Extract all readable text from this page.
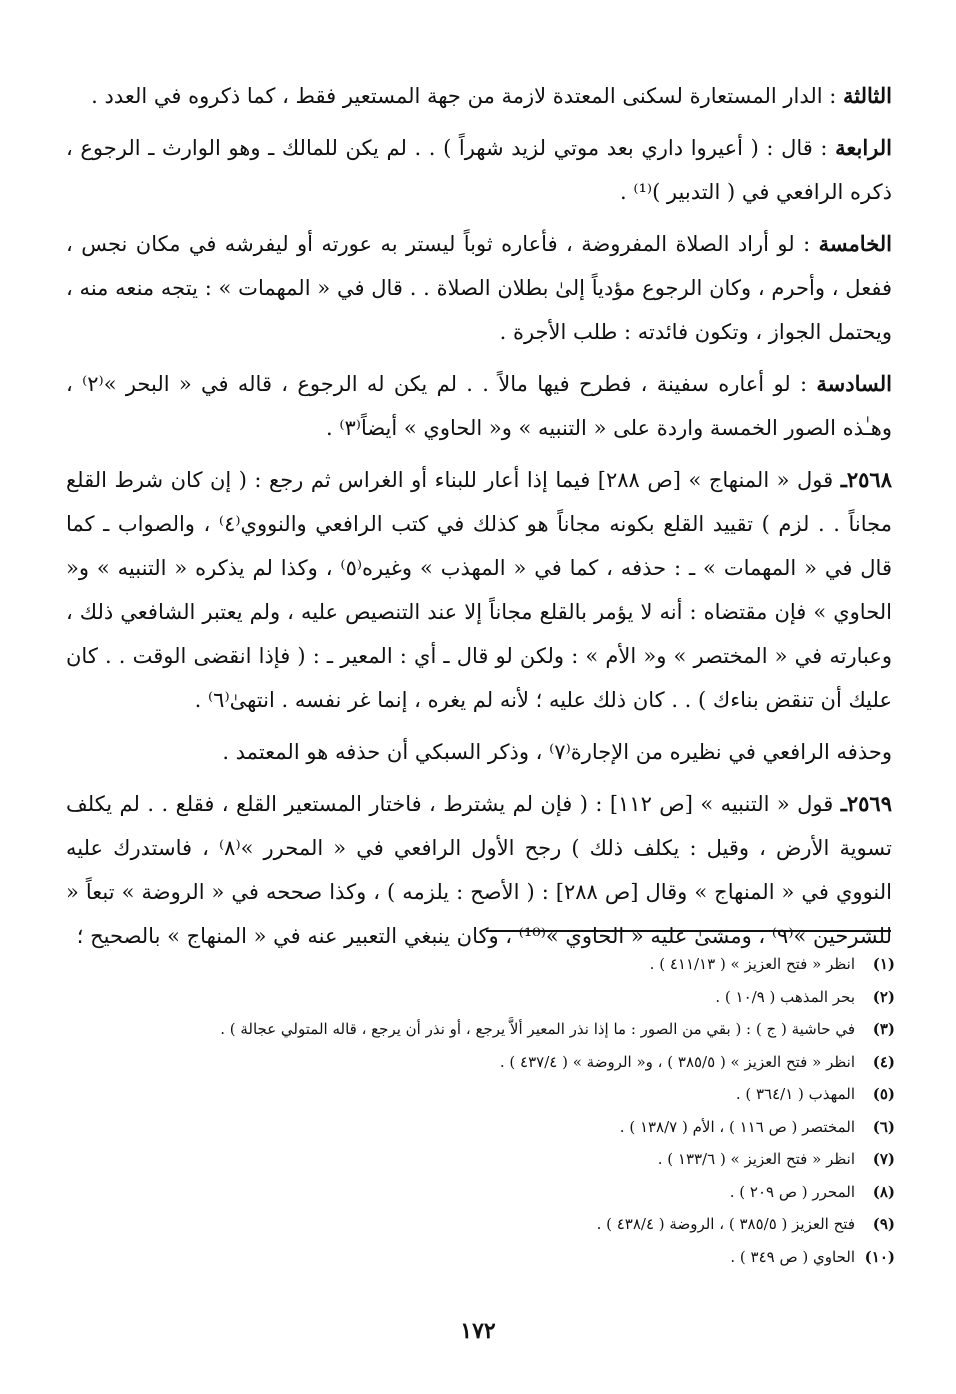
الثالثة : الدار المستعارة لسكنى المعتدة لازمة من جهة المستعير فقط ، كما ذكروه في العدد .

الرابعة : قال : ( أعيروا داري بعد موتي لزيد شهراً ) . . لم يكن للمالك ـ وهو الوارث ـ الرجوع ، ذكره الرافعي في ( التدبير )⁽¹⁾ .

الخامسة : لو أراد الصلاة المفروضة ، فأعاره ثوباً ليستر به عورته أو ليفرشه في مكان نجس ، ففعل ، وأحرم ، وكان الرجوع مؤدياً إلىٰ بطلان الصلاة . . قال في « المهمات » : يتجه منعه منه ، ويحتمل الجواز ، وتكون فائدته : طلب الأجرة .

السادسة : لو أعاره سفينة ، فطرح فيها مالاً . . لم يكن له الرجوع ، قاله في « البحر »⁽٢⁾ ، وهـٰذه الصور الخمسة واردة على « التنبيه » و« الحاوي » أيضاً⁽٣⁾ .

٢٥٦٨ـ قول « المنهاج » [ص ٢٨٨] فيما إذا أعار للبناء أو الغراس ثم رجع : ( إن كان شرط القلع مجاناً . . لزم ) تقييد القلع بكونه مجاناً هو كذلك في كتب الرافعي والنووي⁽٤⁾ ، والصواب ـ كما قال في « المهمات » ـ : حذفه ، كما في « المهذب » وغيره⁽٥⁾ ، وكذا لم يذكره « التنبيه » و« الحاوي » فإن مقتضاه : أنه لا يؤمر بالقلع مجاناً إلا عند التنصيص عليه ، ولم يعتبر الشافعي ذلك ، وعبارته في « المختصر » و« الأم » : ولكن لو قال ـ أي : المعير ـ : ( فإذا انقضى الوقت . . كان عليك أن تنقض بناءك ) . . كان ذلك عليه ؛ لأنه لم يغره ، إنما غر نفسه . انتهىٰ⁽٦⁾ .

وحذفه الرافعي في نظيره من الإجارة⁽٧⁾ ، وذكر السبكي أن حذفه هو المعتمد .

٢٥٦٩ـ قول « التنبيه » [ص ١١٢] : ( فإن لم يشترط ، فاختار المستعير القلع ، فقلع . . لم يكلف تسوية الأرض ، وقيل : يكلف ذلك ) رجح الأول الرافعي في « المحرر »⁽٨⁾ ، فاستدرك عليه النووي في « المنهاج » وقال [ص ٢٨٨] : ( الأصح : يلزمه ) ، وكذا صححه في « الروضة » تبعاً « للشرحين »⁽٩⁾ ، ومشىٰ عليه « الحاوي »⁽¹⁰⁾ ، وكان ينبغي التعبير عنه في « المنهاج » بالصحيح ؛

(١)
انظر « فتح العزيز » ( ٤١١/١٣ ) .
(٢)
بحر المذهب ( ١٠/٩ ) .
(٣)
في حاشية ( ج ) : ( بقي من الصور : ما إذا نذر المعير ألاَّ يرجع ، أو نذر أن يرجع ، قاله المتولي عجالة ) .
(٤)
انظر « فتح العزيز » ( ٣٨٥/٥ ) ، و« الروضة » ( ٤٣٧/٤ ) .
(٥)
المهذب ( ٣٦٤/١ ) .
(٦)
المختصر ( ص ١١٦ ) ، الأم ( ١٣٨/٧ ) .
(٧)
انظر « فتح العزيز » ( ١٣٣/٦ ) .
(٨)
المحرر ( ص ٢٠٩ ) .
(٩)
فتح العزيز ( ٣٨٥/٥ ) ، الروضة ( ٤٣٨/٤ ) .
(١٠)
الحاوي ( ص ٣٤٩ ) .
١٧٢
